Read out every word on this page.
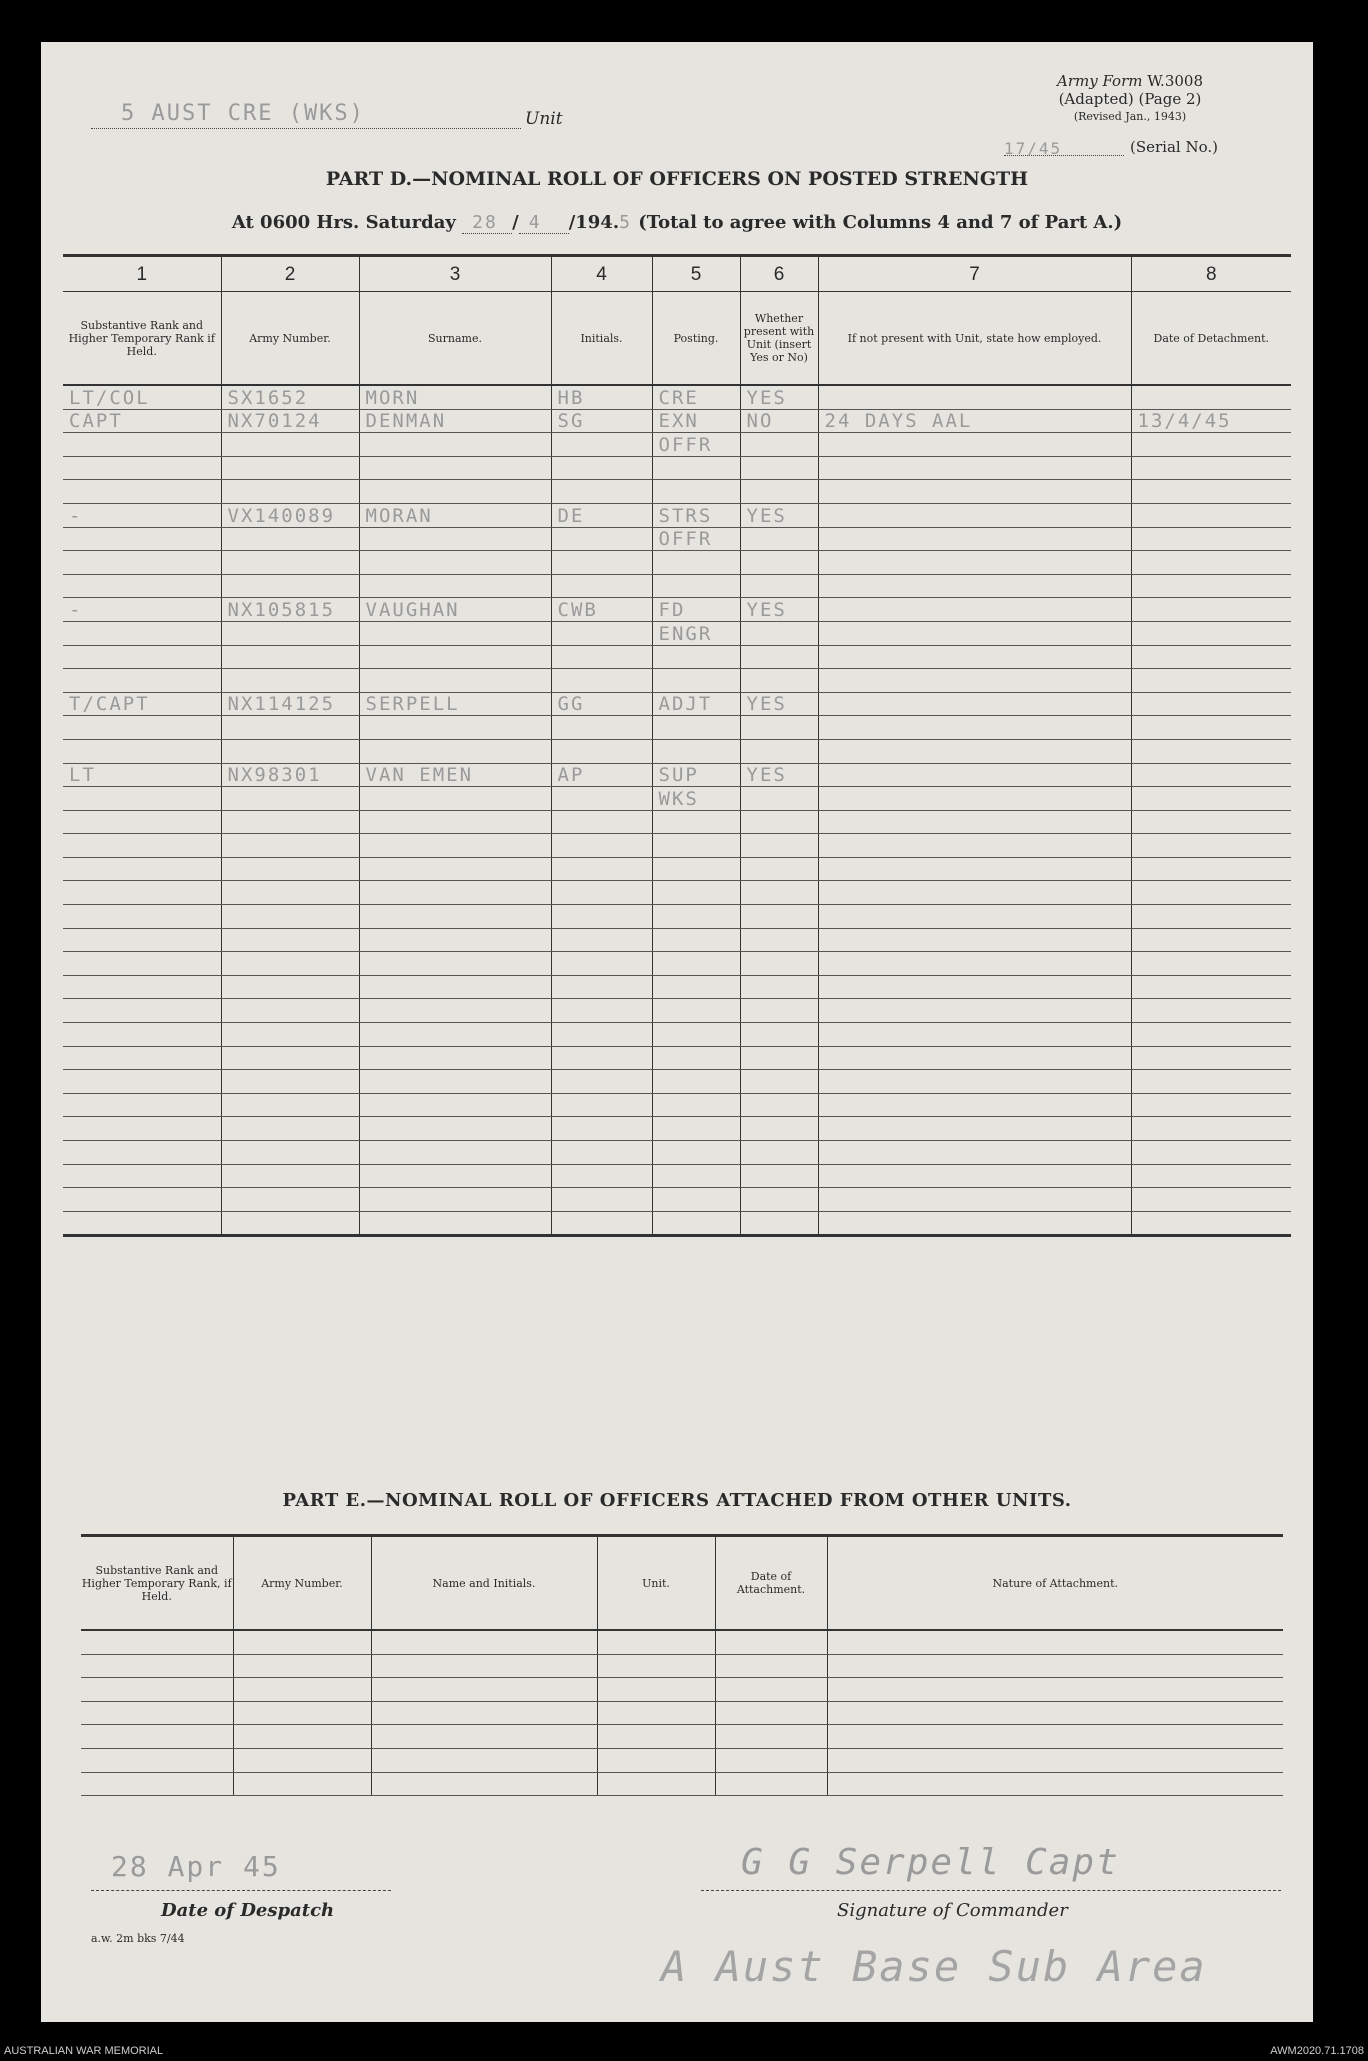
5 AUST CRE (WKS)	Unit
Army Form W.3008
(Adapted) (Page 2)
(Revised Jan., 1943)
17/45	(Serial No.)
PART D.—NOMINAL ROLL OF OFFICERS ON POSTED STRENGTH
At 0600 Hrs. Saturday 28 / 4 /194.5 (Total to agree with Columns 4 and 7 of Part A.)
1	2	3	4	5	6	7	8
Substantive Rank and Higher Temporary Rank if Held.	Army Number.	Surname.	Initials.	Posting.	Whether present with Unit (insert Yes or No)	If not present with Unit, state how employed.	Date of Detachment.
LT/COL	SX1652	MORN	HB	CRE	YES		
CAPT	NX70124	DENMAN	SG	EXN	NO	24 DAYS AAL	13/4/45
				OFFR			

-	VX140089	MORAN	DE	STRS	YES		
				OFFR			

-	NX105815	VAUGHAN	CWB	FD	YES		
				ENGR			

T/CAPT	NX114125	SERPELL	GG	ADJT	YES		

LT	NX98301	VAN EMEN	AP	SUP	YES		
				WKS			

PART E.—NOMINAL ROLL OF OFFICERS ATTACHED FROM OTHER UNITS.
Substantive Rank and Higher Temporary Rank, if Held.	Army Number.	Name and Initials.	Unit.	Date of Attachment.	Nature of Attachment.

28 Apr 45
Date of Despatch
G G Serpell Capt
Signature of Commander
a.w. 2m bks 7/44
A Aust Base Sub Area
AUSTRALIAN WAR MEMORIAL	AWM2020.71.1708
